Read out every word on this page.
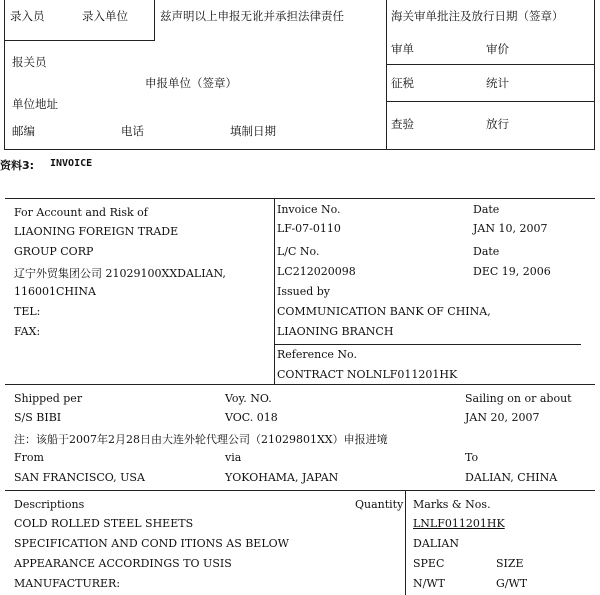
录入员	录入单位	兹声明以上申报无讹并承担法律责任	海关审单批注及放行日期（签章）
报关员
申报单位（签章）
单位地址
邮编	电话	填制日期
审单	审价
征税	统计
查验	放行
资料3: INVOICE
For Account and Risk of
LIAONING FOREIGN TRADE
GROUP CORP
辽宁外贸集团公司 21029100XXDALIAN,
116001CHINA
TEL:
FAX:
Invoice No.
LF-07-0110
Date
JAN 10, 2007
L/C No.
LC212020098
Date
DEC 19, 2006
Issued by
COMMUNICATION BANK OF CHINA,
LIAONING BRANCH
Reference No.
CONTRACT NOLNLF011201HK
Shipped per
S/S BIBI
Voy. NO.
VOC. 018
Sailing on or about
JAN 20, 2007
注：该船于2007年2月28日由大连外轮代理公司（21029801XX）申报进境
From
SAN FRANCISCO, USA
via
YOKOHAMA, JAPAN
To
DALIAN, CHINA
Descriptions	Quantity
COLD ROLLED STEEL SHEETS
SPECIFICATION AND COND ITIONS AS BELOW
APPEARANCE ACCORDINGS TO USIS
MANUFACTURER:
Marks & Nos.
LNLF011201HK
DALIAN
SPEC	SIZE
N/WT	G/WT
